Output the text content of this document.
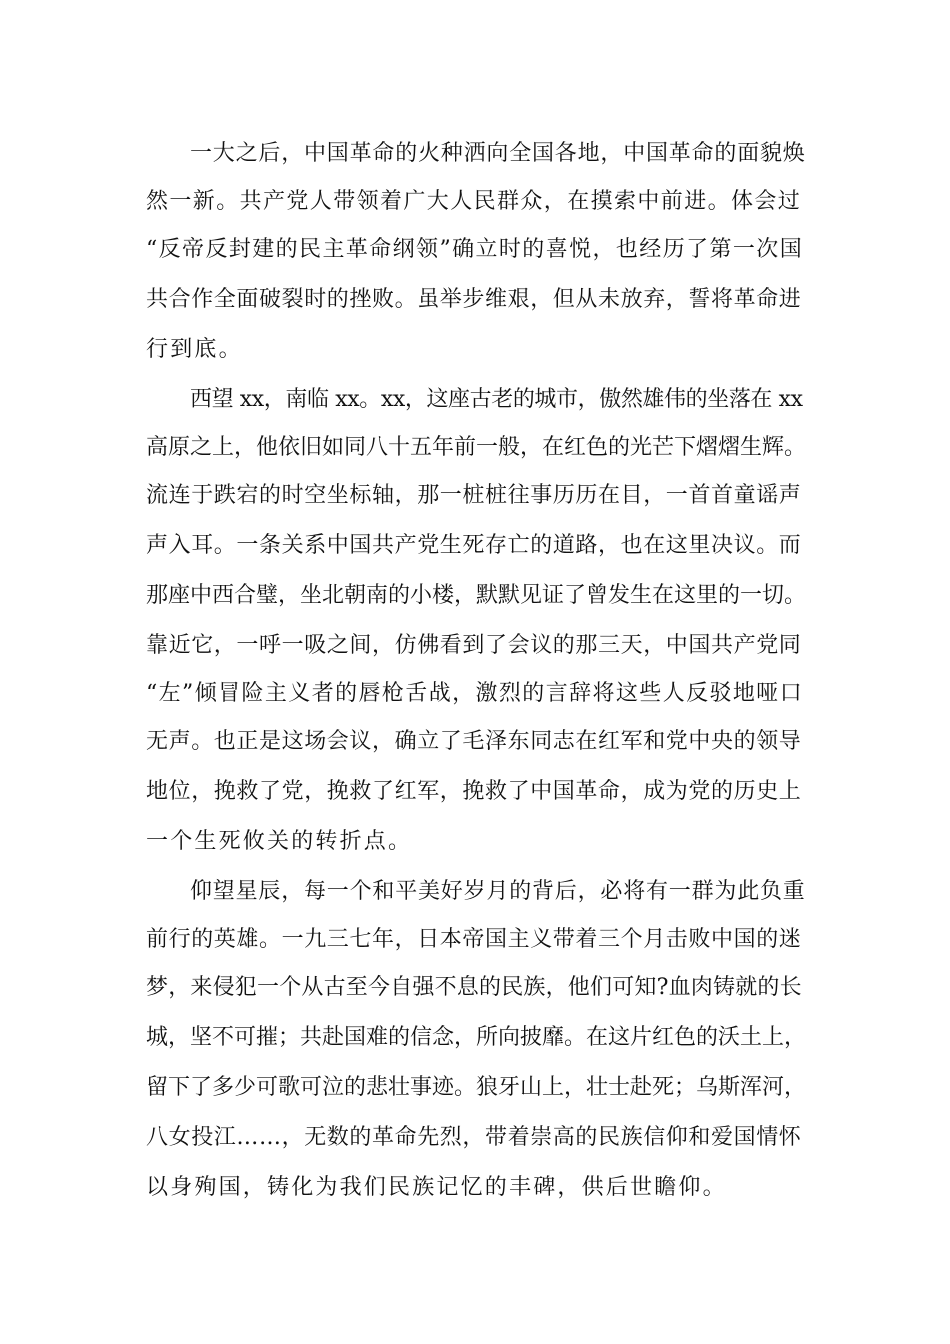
一大之后，中国革命的火种洒向全国各地，中国革命的面貌焕
然一新。共产党人带领着广大人民群众，在摸索中前进。体会过
“反帝反封建的民主革命纲领”确立时的喜悦，也经历了第一次国
共合作全面破裂时的挫败。虽举步维艰，但从未放弃，誓将革命进
行到底。
西望 xx，南临 xx。xx，这座古老的城市，傲然雄伟的坐落在 xx
高原之上，他依旧如同八十五年前一般，在红色的光芒下熠熠生辉。
流连于跌宕的时空坐标轴，那一桩桩往事历历在目，一首首童谣声
声入耳。一条关系中国共产党生死存亡的道路，也在这里决议。而
那座中西合璧，坐北朝南的小楼，默默见证了曾发生在这里的一切。
靠近它，一呼一吸之间，仿佛看到了会议的那三天，中国共产党同
“左”倾冒险主义者的唇枪舌战，激烈的言辞将这些人反驳地哑口
无声。也正是这场会议，确立了毛泽东同志在红军和党中央的领导
地位，挽救了党，挽救了红军，挽救了中国革命，成为党的历史上
一个生死攸关的转折点。
仰望星辰，每一个和平美好岁月的背后，必将有一群为此负重
前行的英雄。一九三七年，日本帝国主义带着三个月击败中国的迷
梦，来侵犯一个从古至今自强不息的民族，他们可知?血肉铸就的长
城，坚不可摧；共赴国难的信念，所向披靡。在这片红色的沃土上，
留下了多少可歌可泣的悲壮事迹。狼牙山上，壮士赴死；乌斯浑河，
八女投江……，无数的革命先烈，带着崇高的民族信仰和爱国情怀
以身殉国，铸化为我们民族记忆的丰碑，供后世瞻仰。
